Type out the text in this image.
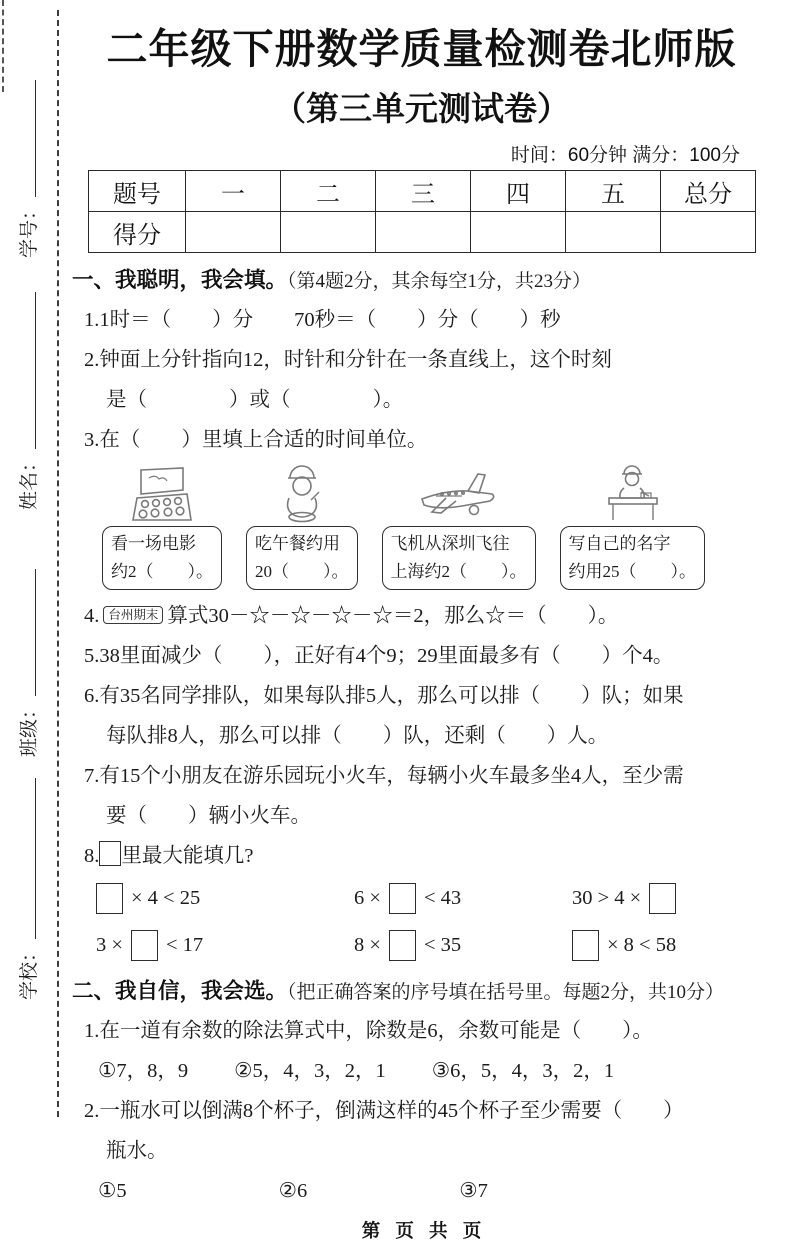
学号：
姓名：
班级：
学校：
二年级下册数学质量检测卷北师版
（第三单元测试卷）
时间：60分钟 满分：100分
题号	一	二	三	四	五	总分
得分						
一、我聪明，我会填。（第4题2分，其余每空1分，共23分）
1.1时＝（　　）分　　70秒＝（　　）分（　　）秒
2.钟面上分针指向12，时针和分针在一条直线上，这个时刻
是（　　　　）或（　　　　）。
3.在（　　）里填上合适的时间单位。
看一场电影
约2（　　）。
吃午餐约用
20（　　）。
飞机从深圳飞往
上海约2（　　）。
写自己的名字
约用25（　　）。
4. 台州期末 算式30－☆－☆－☆－☆＝2，那么☆＝（　　）。
5.38里面减少（　　），正好有4个9；29里面最多有（　　）个4。
6.有35名同学排队，如果每队排5人，那么可以排（　　）队；如果
每队排8人，那么可以排（　　）队，还剩（　　）人。
7.有15个小朋友在游乐园玩小火车，每辆小火车最多坐4人，至少需
要（　　）辆小火车。
8. 里最大能填几?
× 4 < 25	6 × < 43	30 > 4 ×
3 × < 17	8 × < 35	× 8 < 58
二、我自信，我会选。（把正确答案的序号填在括号里。每题2分，共10分）
1.在一道有余数的除法算式中，除数是6，余数可能是（　　）。
①7，8，9 ②5，4，3，2，1 ③6，5，4，3，2，1
2.一瓶水可以倒满8个杯子，倒满这样的45个杯子至少需要（　　）
瓶水。
①5	②6	③7
第 页 共 页
